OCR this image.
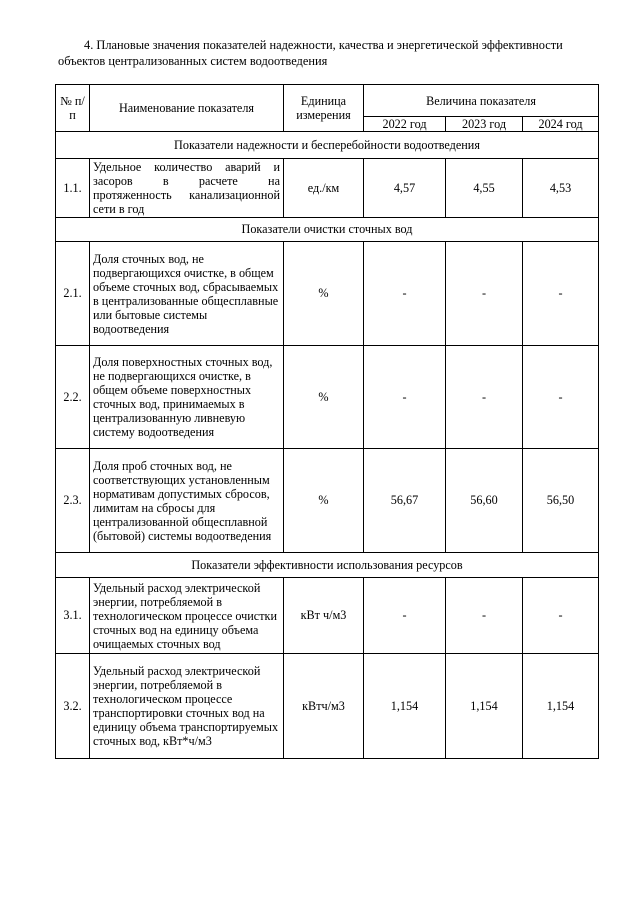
4. Плановые значения показателей надежности, качества и энергетической эффективности
объектов централизованных систем водоотведения
№ п/п	Наименование показателя	Единица измерения	Величина показателя		
			2022 год	2023 год	2024 год
Показатели надежности и бесперебойности водоотведения					
1.1.	Удельное количество аварий и засоров в расчете на протяженность канализационной сети в год	ед./км	4,57	4,55	4,53
Показатели очистки сточных вод					
2.1.	Доля сточных вод, не подвергающихся очистке, в общем объеме сточных вод, сбрасываемых в централизованные общесплавные или бытовые системы водоотведения	%	-	-	-
2.2.	Доля поверхностных сточных вод, не подвергающихся очистке, в общем объеме поверхностных сточных вод, принимаемых в централизованную ливневую систему водоотведения	%	-	-	-
2.3.	Доля проб сточных вод, не соответствующих установленным нормативам допустимых сбросов, лимитам на сбросы для централизованной общесплавной (бытовой) системы водоотведения	%	56,67	56,60	56,50
Показатели эффективности использования ресурсов					
3.1.	Удельный расход электрической энергии, потребляемой в технологическом процессе очистки сточных вод на единицу объема очищаемых сточных вод	кВт ч/м3	-	-	-
3.2.	Удельный расход электрической энергии, потребляемой в технологическом процессе транспортировки сточных вод на единицу объема транспортируемых сточных вод, кВт*ч/м3	кВтч/м3	1,154	1,154	1,154
